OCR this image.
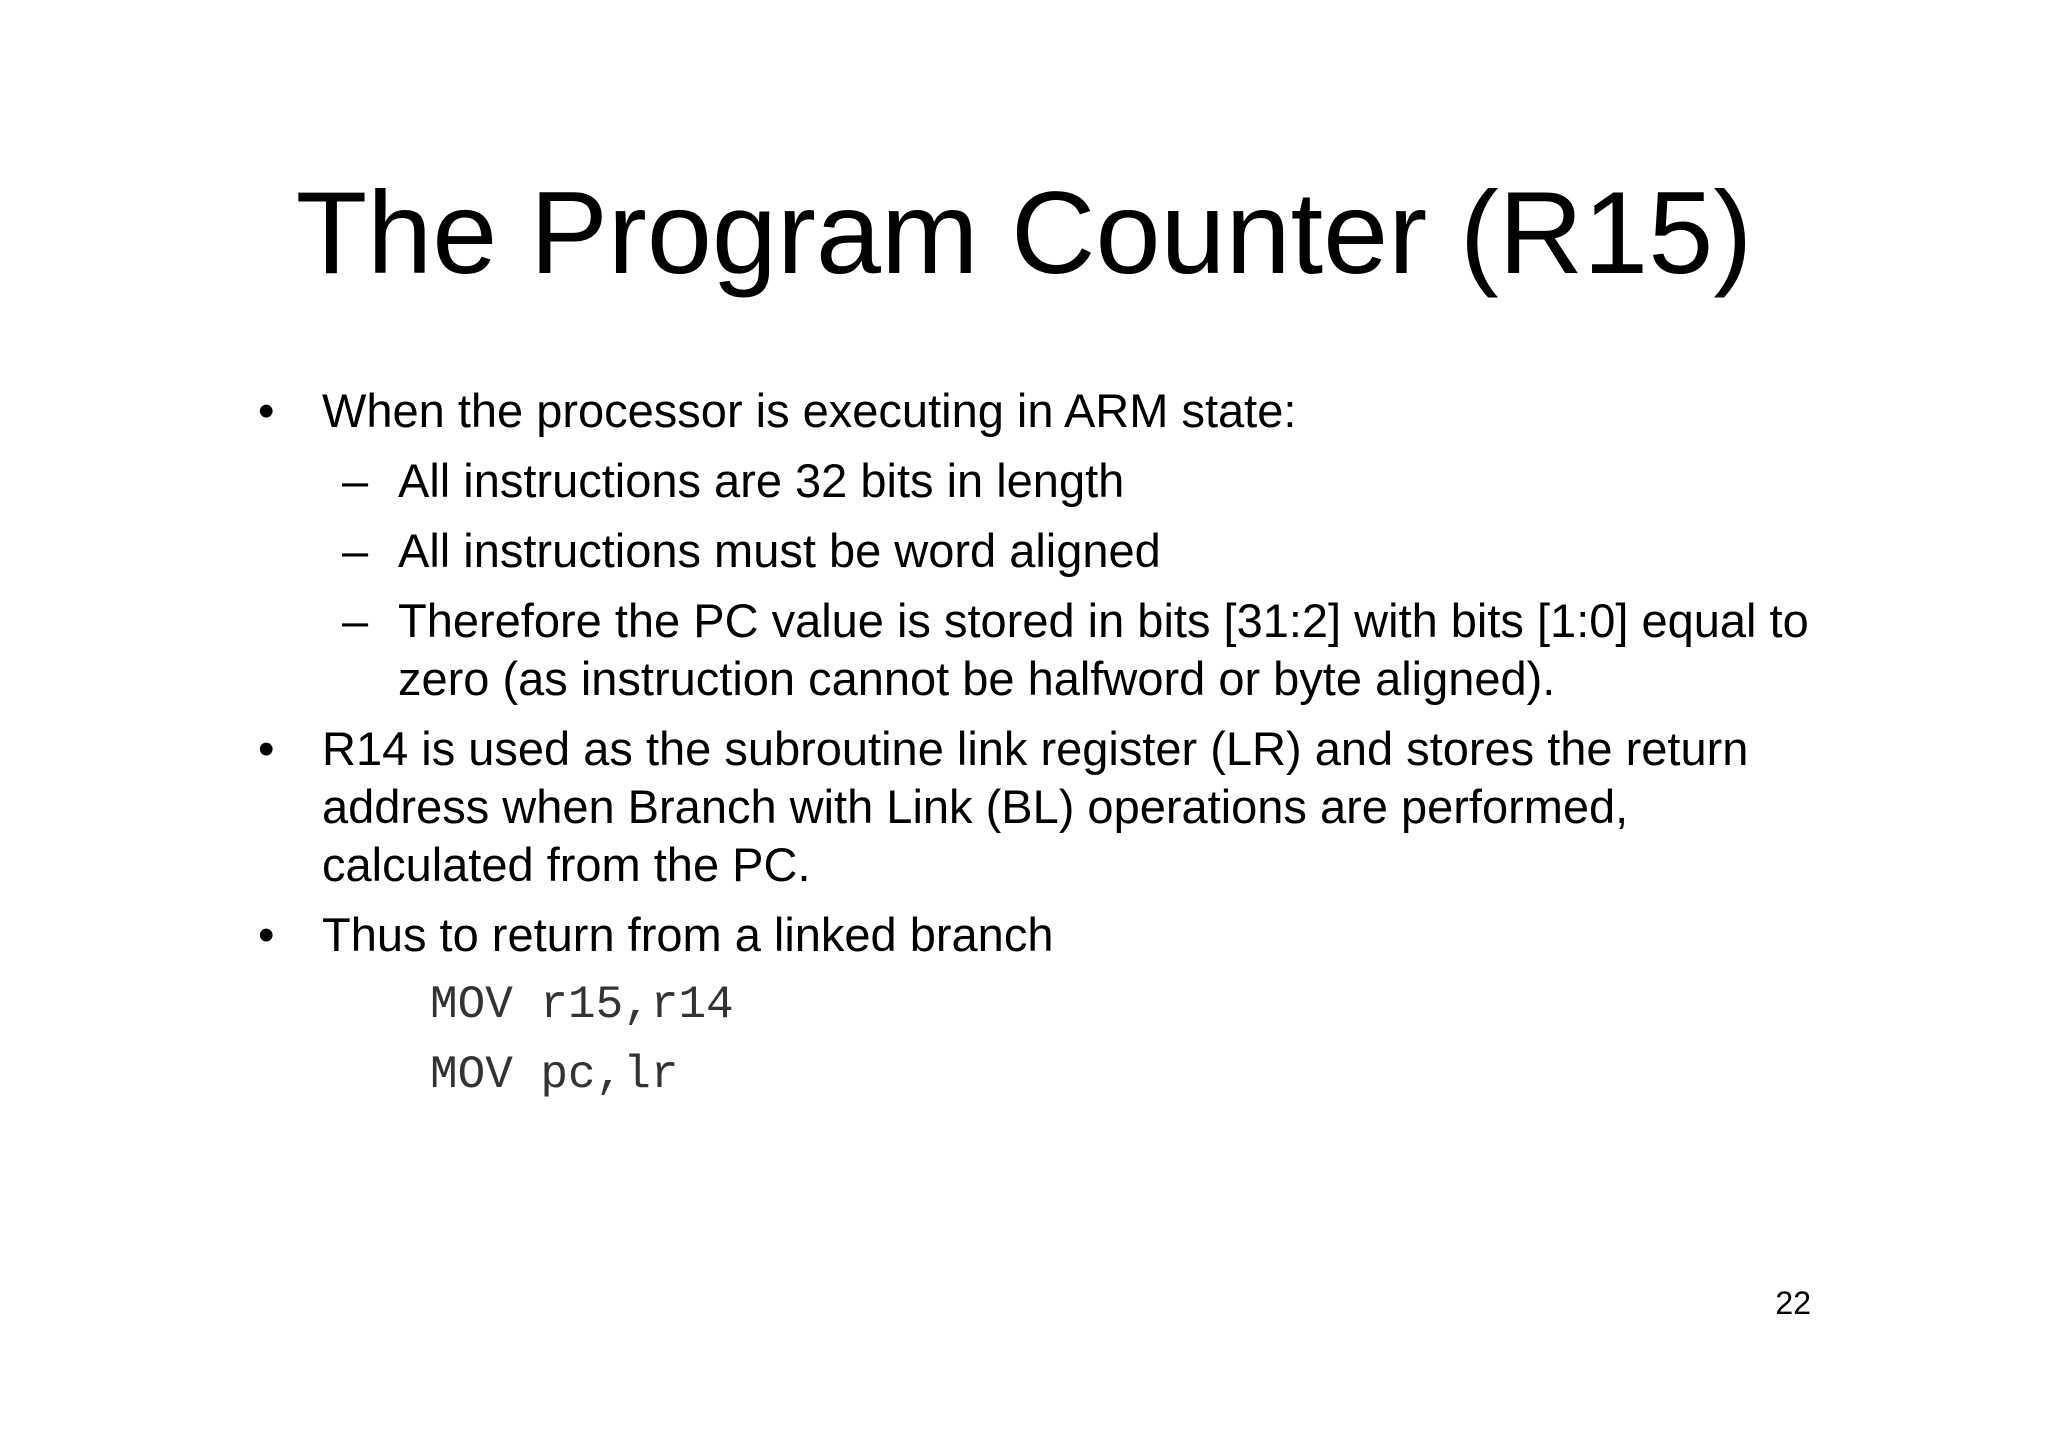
The Program Counter (R15)
• When the processor is executing in ARM state:
– All instructions are 32 bits in length
– All instructions must be word aligned
– Therefore the PC value is stored in bits [31:2] with bits [1:0] equal to zero (as instruction cannot be halfword or byte aligned).
• R14 is used as the subroutine link register (LR) and stores the return address when Branch with Link (BL) operations are performed, calculated from the PC.
• Thus to return from a linked branch
MOV r15,r14
MOV pc,lr
22
